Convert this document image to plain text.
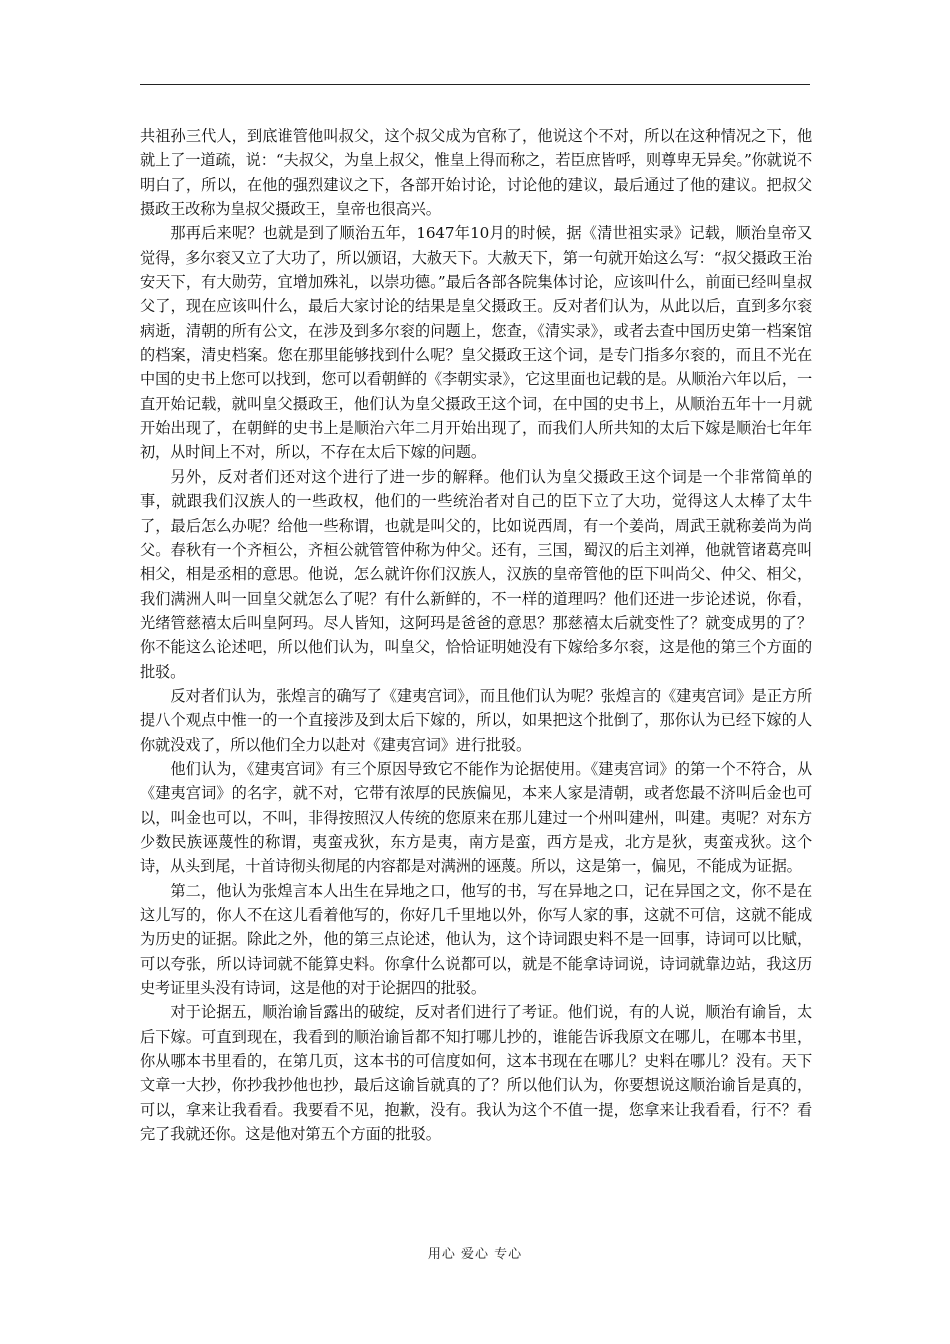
共祖孙三代人，到底谁管他叫叔父，这个叔父成为官称了，他说这个不对，所以在这种情况之下，他就上了一道疏，说：“夫叔父，为皇上叔父，惟皇上得而称之，若臣庶皆呼，则尊卑无异矣。”你就说不明白了，所以，在他的强烈建议之下，各部开始讨论，讨论他的建议，最后通过了他的建议。把叔父摄政王改称为皇叔父摄政王，皇帝也很高兴。

那再后来呢？也就是到了顺治五年，1647年10月的时候，据《清世祖实录》记载，顺治皇帝又觉得，多尔衮又立了大功了，所以颁诏，大赦天下。大赦天下，第一句就开始这么写：“叔父摄政王治安天下，有大勋劳，宜增加殊礼，以崇功德。”最后各部各院集体讨论，应该叫什么，前面已经叫皇叔父了，现在应该叫什么，最后大家讨论的结果是皇父摄政王。反对者们认为，从此以后，直到多尔衮病逝，清朝的所有公文，在涉及到多尔衮的问题上，您查，《清实录》，或者去查中国历史第一档案馆的档案，清史档案。您在那里能够找到什么呢？皇父摄政王这个词，是专门指多尔衮的，而且不光在中国的史书上您可以找到，您可以看朝鲜的《李朝实录》，它这里面也记载的是。从顺治六年以后，一直开始记载，就叫皇父摄政王，他们认为皇父摄政王这个词，在中国的史书上，从顺治五年十一月就开始出现了，在朝鲜的史书上是顺治六年二月开始出现了，而我们人所共知的太后下嫁是顺治七年年初，从时间上不对，所以，不存在太后下嫁的问题。

另外，反对者们还对这个进行了进一步的解释。他们认为皇父摄政王这个词是一个非常简单的事，就跟我们汉族人的一些政权，他们的一些统治者对自己的臣下立了大功，觉得这人太棒了太牛了，最后怎么办呢？给他一些称谓，也就是叫父的，比如说西周，有一个姜尚，周武王就称姜尚为尚父。春秋有一个齐桓公，齐桓公就管管仲称为仲父。还有，三国，蜀汉的后主刘禅，他就管诸葛亮叫相父，相是丞相的意思。他说，怎么就许你们汉族人，汉族的皇帝管他的臣下叫尚父、仲父、相父，我们满洲人叫一回皇父就怎么了呢？有什么新鲜的，不一样的道理吗？他们还进一步论述说，你看，光绪管慈禧太后叫皇阿玛。尽人皆知，这阿玛是爸爸的意思？那慈禧太后就变性了？就变成男的了？你不能这么论述吧，所以他们认为，叫皇父，恰恰证明她没有下嫁给多尔衮，这是他的第三个方面的批驳。

反对者们认为，张煌言的确写了《建夷宫词》，而且他们认为呢？张煌言的《建夷宫词》是正方所提八个观点中惟一的一个直接涉及到太后下嫁的，所以，如果把这个批倒了，那你认为已经下嫁的人你就没戏了，所以他们全力以赴对《建夷宫词》进行批驳。

他们认为，《建夷宫词》有三个原因导致它不能作为论据使用。《建夷宫词》的第一个不符合，从《建夷宫词》的名字，就不对，它带有浓厚的民族偏见，本来人家是清朝，或者您最不济叫后金也可以，叫金也可以，不叫，非得按照汉人传统的您原来在那儿建过一个州叫建州，叫建。夷呢？对东方少数民族诬蔑性的称谓，夷蛮戎狄，东方是夷，南方是蛮，西方是戎，北方是狄，夷蛮戎狄。这个诗，从头到尾，十首诗彻头彻尾的内容都是对满洲的诬蔑。所以，这是第一，偏见，不能成为证据。

第二，他认为张煌言本人出生在异地之口，他写的书，写在异地之口，记在异国之文，你不是在这儿写的，你人不在这儿看着他写的，你好几千里地以外，你写人家的事，这就不可信，这就不能成为历史的证据。除此之外，他的第三点论述，他认为，这个诗词跟史料不是一回事，诗词可以比赋，可以夸张，所以诗词就不能算史料。你拿什么说都可以，就是不能拿诗词说，诗词就靠边站，我这历史考证里头没有诗词，这是他的对于论据四的批驳。

对于论据五，顺治谕旨露出的破绽，反对者们进行了考证。他们说，有的人说，顺治有谕旨，太后下嫁。可直到现在，我看到的顺治谕旨都不知打哪儿抄的，谁能告诉我原文在哪儿，在哪本书里，你从哪本书里看的，在第几页，这本书的可信度如何，这本书现在在哪儿？史料在哪儿？没有。天下文章一大抄，你抄我抄他也抄，最后这谕旨就真的了？所以他们认为，你要想说这顺治谕旨是真的，可以，拿来让我看看。我要看不见，抱歉，没有。我认为这个不值一提，您拿来让我看看，行不？看完了我就还你。这是他对第五个方面的批驳。

用心 爱心 专心
